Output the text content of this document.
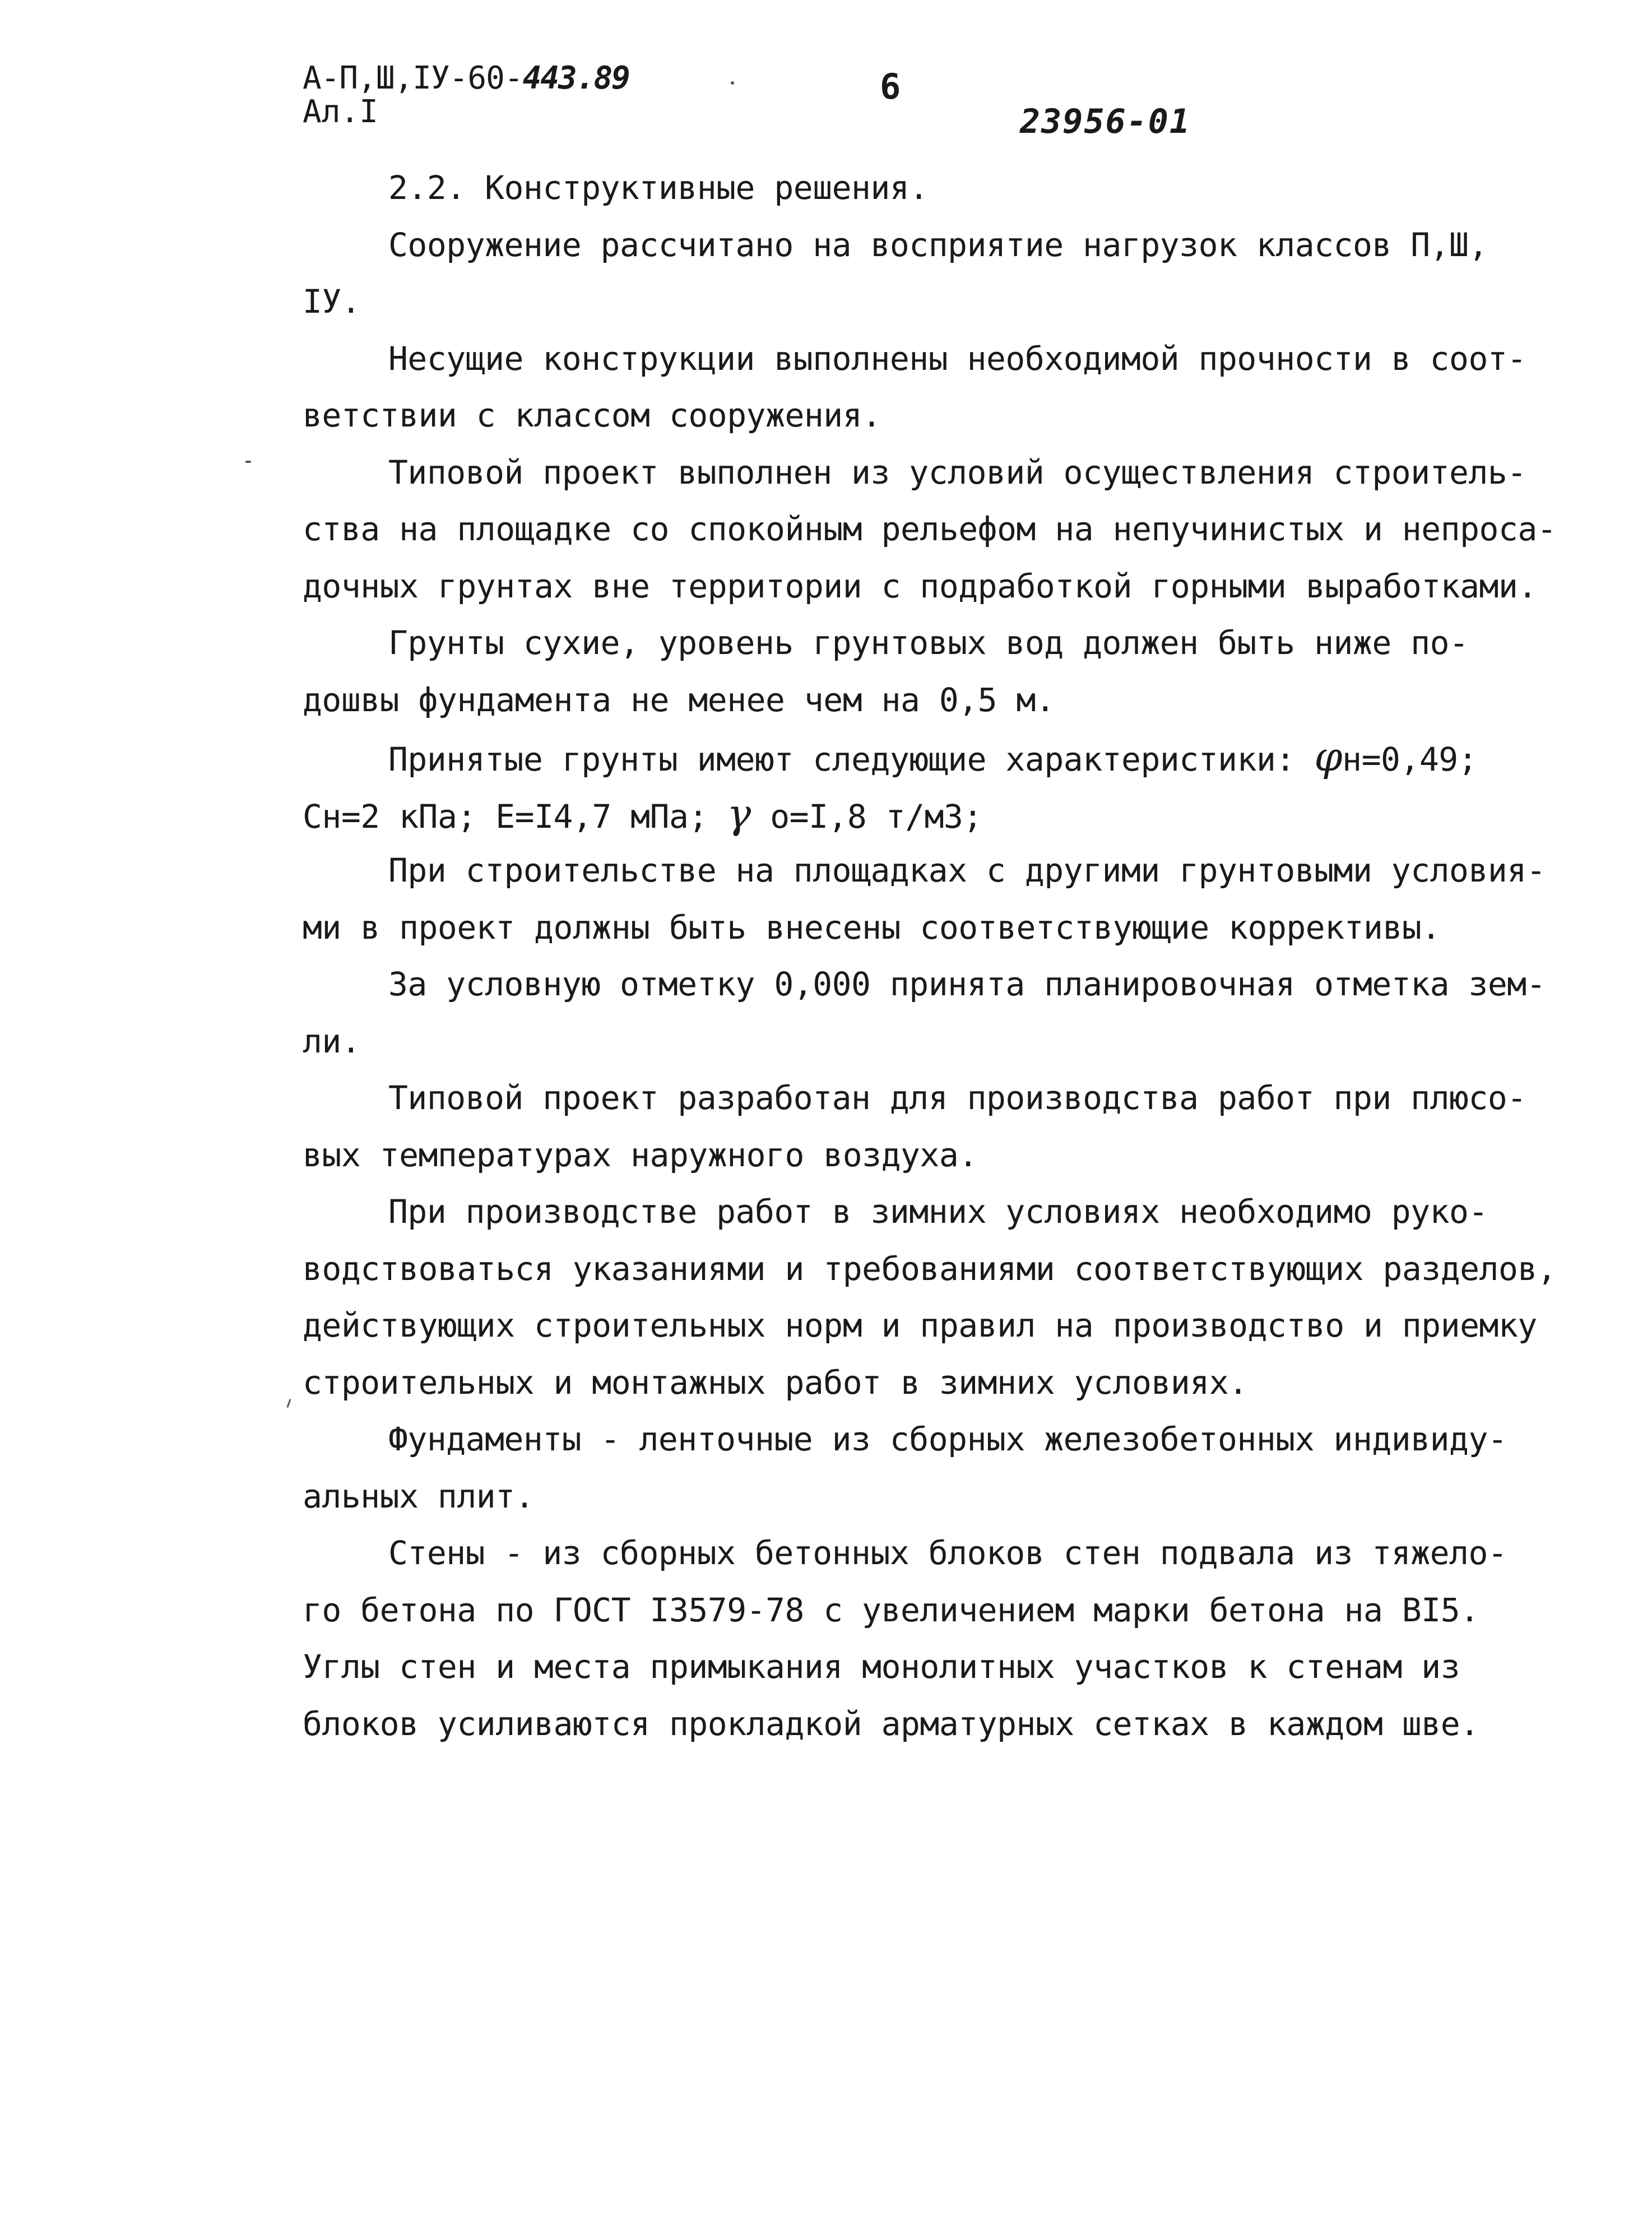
А-П,Ш,IУ-60-443.89
Ал.I
6
23956-01
2.2. Конструктивные решения.
Сооружение рассчитано на восприятие нагрузок классов П,Ш,
IУ.
Несущие конструкции выполнены необходимой прочности в соот-
ветствии с классом сооружения.
Типовой проект выполнен из условий осуществления строитель-
ства на площадке со спокойным рельефом на непучинистых и непроса-
дочных грунтах вне территории с подработкой горными выработками.
Грунты сухие, уровень грунтовых вод должен быть ниже по-
дошвы фундамента не менее чем на 0,5 м.
Принятые грунты имеют следующие характеристики: φн=0,49;
Сн=2 кПа; Е=I4,7 мПа; γ о=I,8 т/м3;
При строительстве на площадках с другими грунтовыми условия-
ми в проект должны быть внесены соответствующие коррективы.
За условную отметку 0,000 принята планировочная отметка зем-
ли.
Типовой проект разработан для производства работ при плюсо-
вых температурах наружного воздуха.
При производстве работ в зимних условиях необходимо руко-
водствоваться указаниями и требованиями соответствующих разделов,
действующих строительных норм и правил на производство и приемку
строительных и монтажных работ в зимних условиях.
Фундаменты - ленточные из сборных железобетонных индивиду-
альных плит.
Стены - из сборных бетонных блоков стен подвала из тяжело-
го бетона по ГОСТ I3579-78 с увеличением марки бетона на BI5.
Углы стен и места примыкания монолитных участков к стенам из
блоков усиливаются прокладкой арматурных сетках в каждом шве.
